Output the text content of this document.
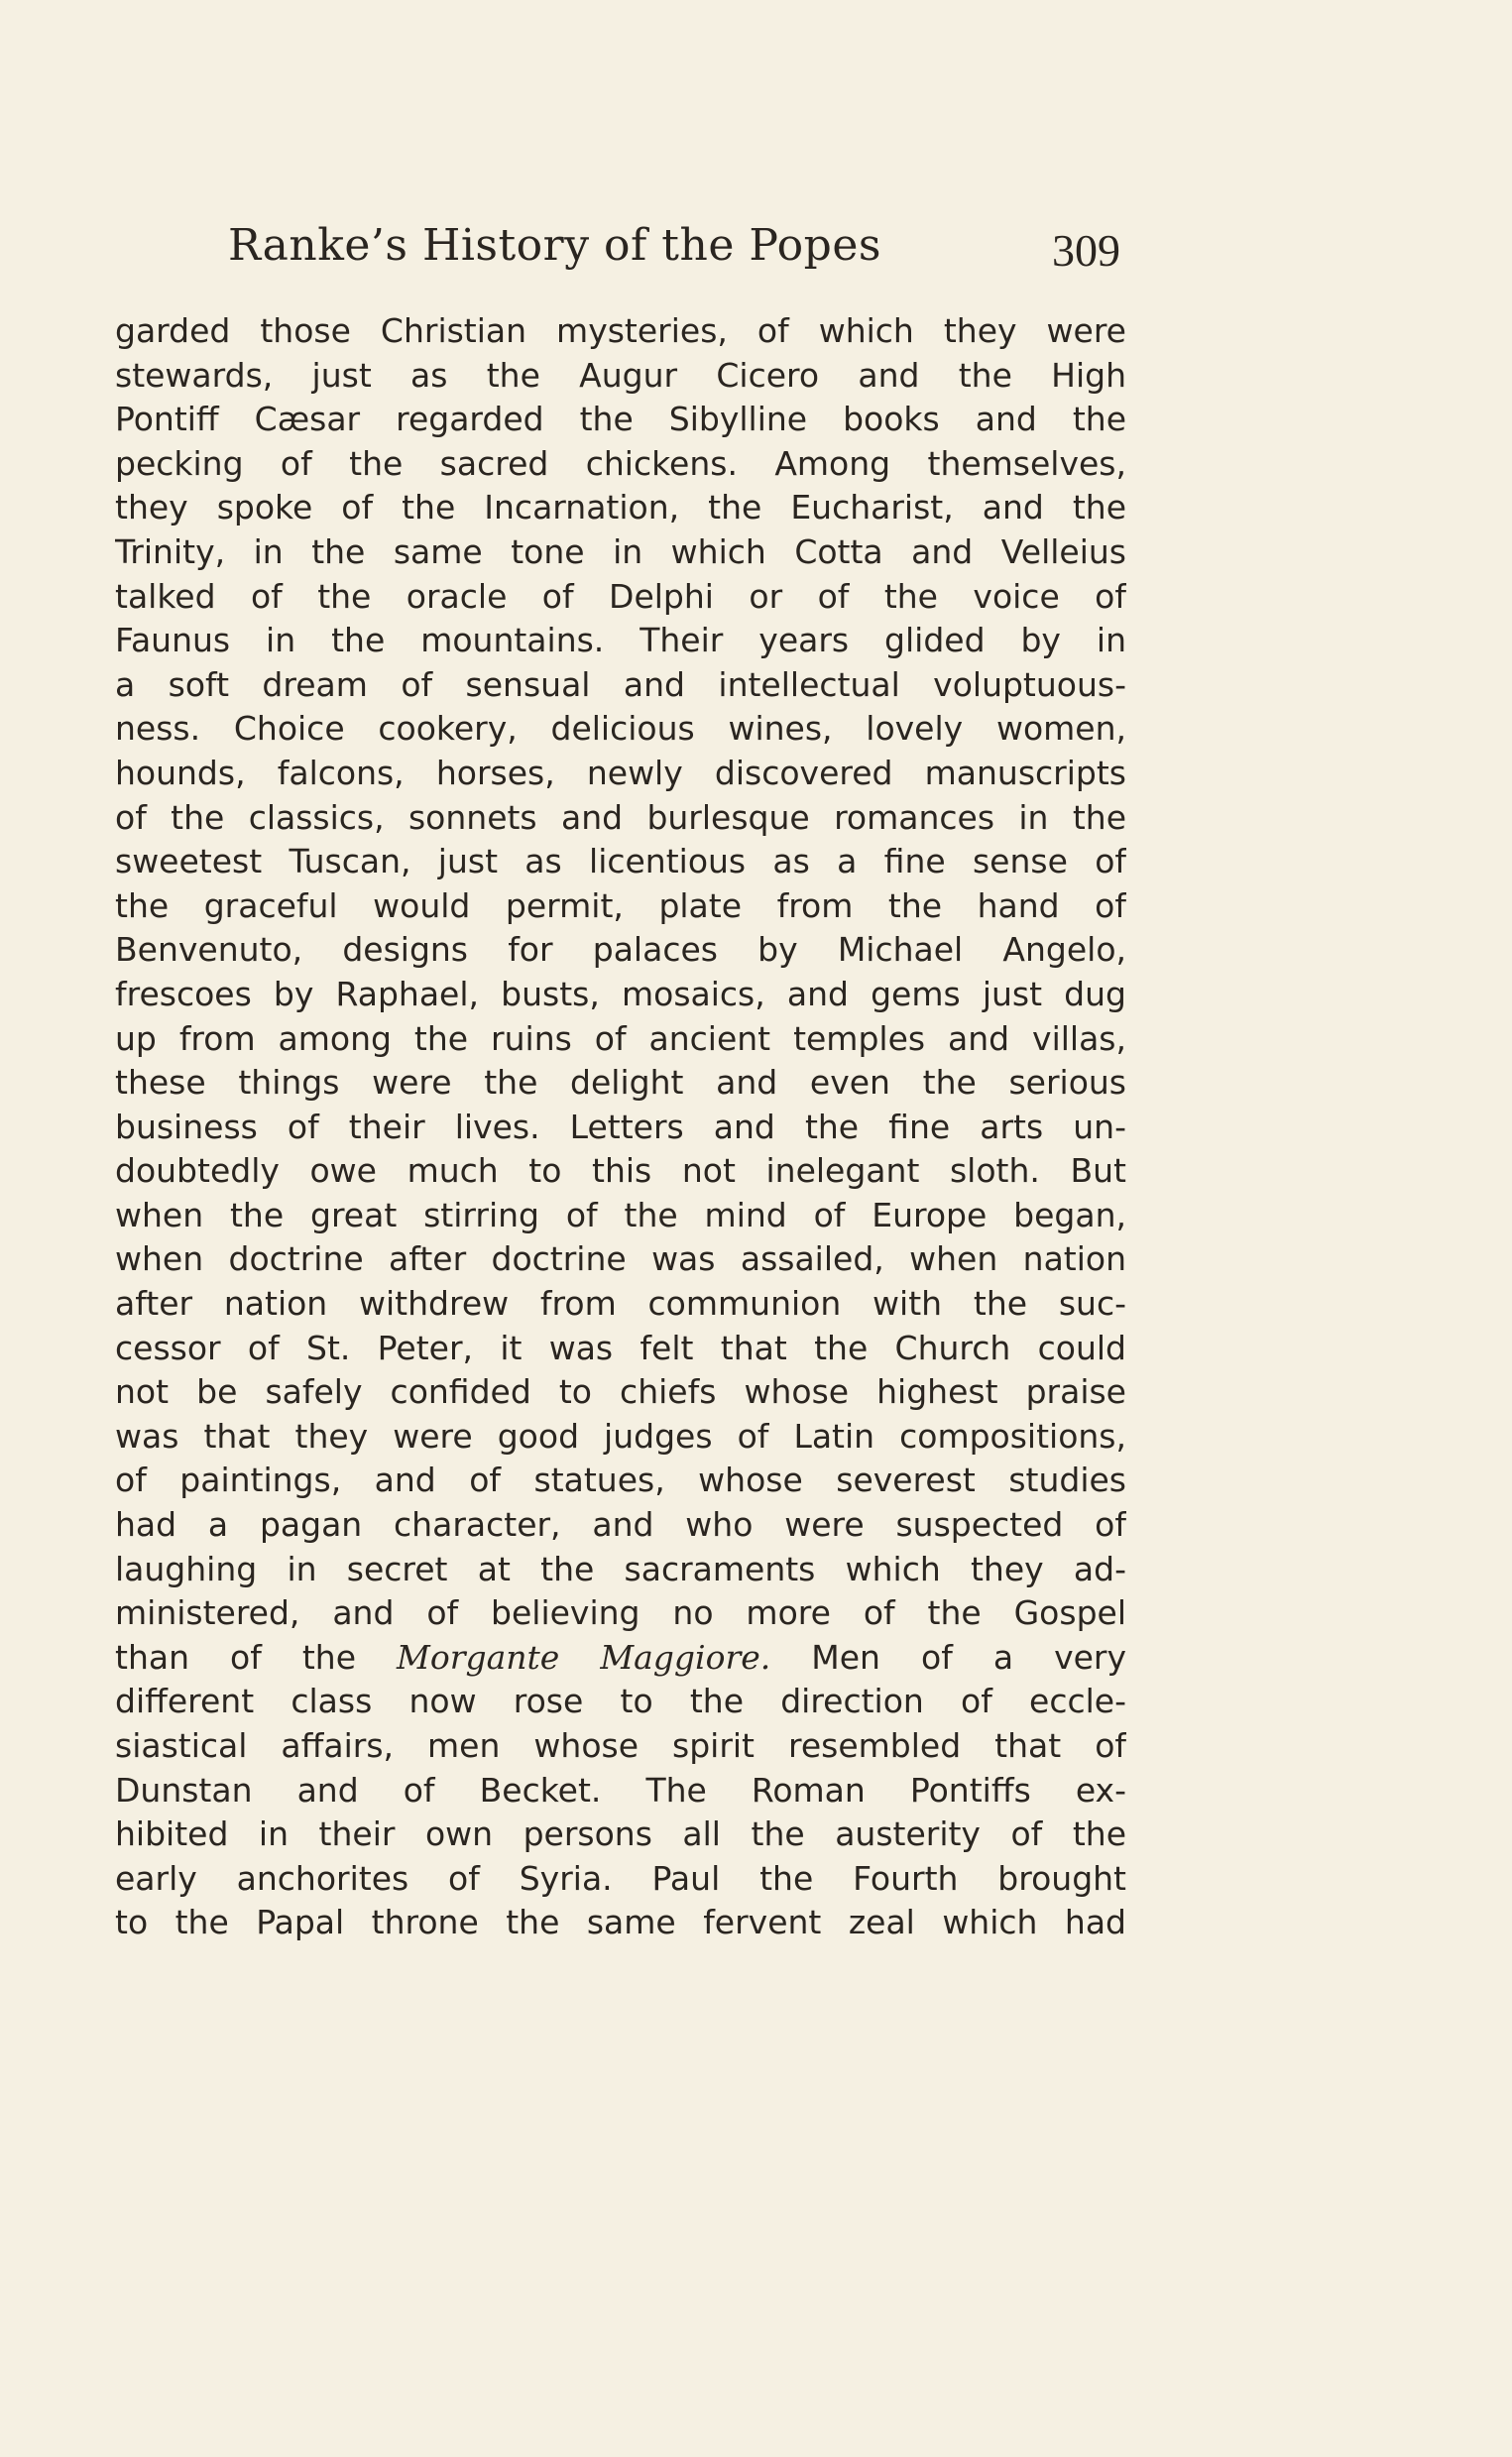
Ranke’s History of the Popes	309
garded those Christian mysteries, of which they were
stewards, just as the Augur Cicero and the High
Pontiff Cæsar regarded the Sibylline books and the
pecking of the sacred chickens. Among themselves,
they spoke of the Incarnation, the Eucharist, and the
Trinity, in the same tone in which Cotta and Velleius
talked of the oracle of Delphi or of the voice of
Faunus in the mountains. Their years glided by in
a soft dream of sensual and intellectual voluptuous-
ness. Choice cookery, delicious wines, lovely women,
hounds, falcons, horses, newly discovered manuscripts
of the classics, sonnets and burlesque romances in the
sweetest Tuscan, just as licentious as a fine sense of
the graceful would permit, plate from the hand of
Benvenuto, designs for palaces by Michael Angelo,
frescoes by Raphael, busts, mosaics, and gems just dug
up from among the ruins of ancient temples and villas,
these things were the delight and even the serious
business of their lives. Letters and the fine arts un-
doubtedly owe much to this not inelegant sloth. But
when the great stirring of the mind of Europe began,
when doctrine after doctrine was assailed, when nation
after nation withdrew from communion with the suc-
cessor of St. Peter, it was felt that the Church could
not be safely confided to chiefs whose highest praise
was that they were good judges of Latin compositions,
of paintings, and of statues, whose severest studies
had a pagan character, and who were suspected of
laughing in secret at the sacraments which they ad-
ministered, and of believing no more of the Gospel
than of the Morgante Maggiore. Men of a very
different class now rose to the direction of eccle-
siastical affairs, men whose spirit resembled that of
Dunstan and of Becket. The Roman Pontiffs ex-
hibited in their own persons all the austerity of the
early anchorites of Syria. Paul the Fourth brought
to the Papal throne the same fervent zeal which had
